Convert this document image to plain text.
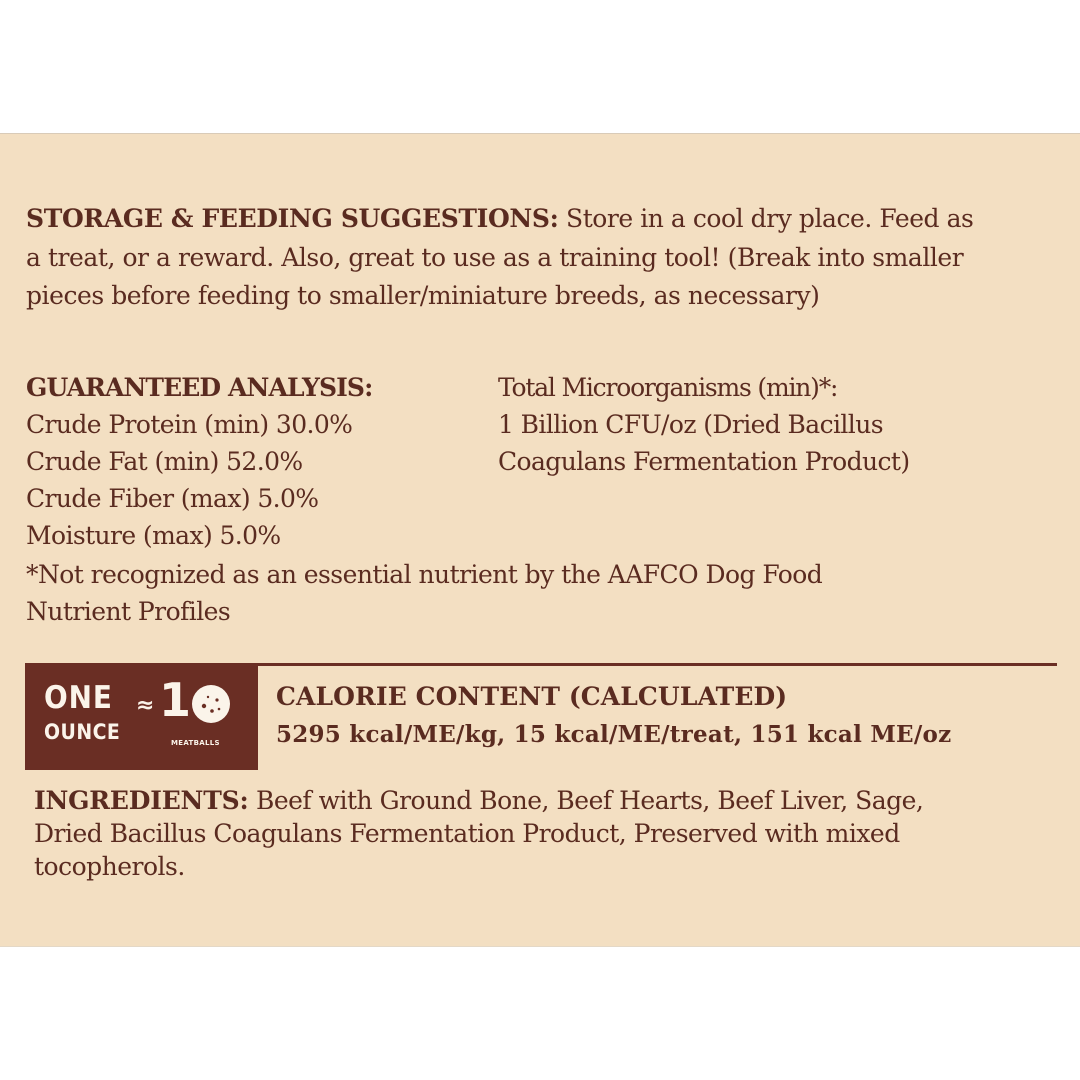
STORAGE & FEEDING SUGGESTIONS: Store in a cool dry place. Feed as
a treat, or a reward. Also, great to use as a training tool! (Break into smaller
pieces before feeding to smaller/miniature breeds, as necessary)
GUARANTEED ANALYSIS:
Crude Protein (min) 30.0%
Crude Fat (min) 52.0%
Crude Fiber (max) 5.0%
Moisture (max) 5.0%
Total Microorganisms (min)*:
1 Billion CFU/oz (Dried Bacillus
Coagulans Fermentation Product)
*Not recognized as an essential nutrient by the AAFCO Dog Food
Nutrient Profiles
ONE
OUNCE
≈ 1
MEATBALLS
CALORIE CONTENT (CALCULATED)
5295 kcal/ME/kg, 15 kcal/ME/treat, 151 kcal ME/oz
INGREDIENTS: Beef with Ground Bone, Beef Hearts, Beef Liver, Sage,
Dried Bacillus Coagulans Fermentation Product, Preserved with mixed
tocopherols.
